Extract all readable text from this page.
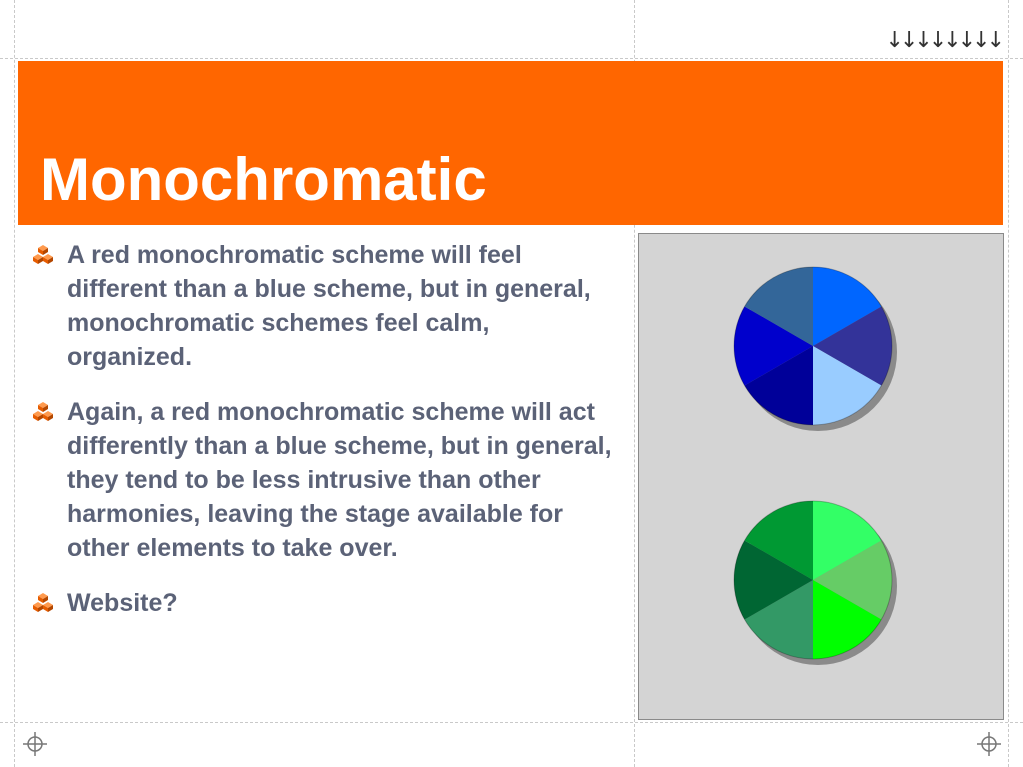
↓↓↓↓↓↓↓↓
Monochromatic
A red monochromatic scheme will feel different than a blue scheme, but in general, monochromatic schemes feel calm, organized.
Again, a red monochromatic scheme will act differently than a blue scheme, but in general, they tend to be less intrusive than other harmonies, leaving the stage available for other elements to take over.
Website?
